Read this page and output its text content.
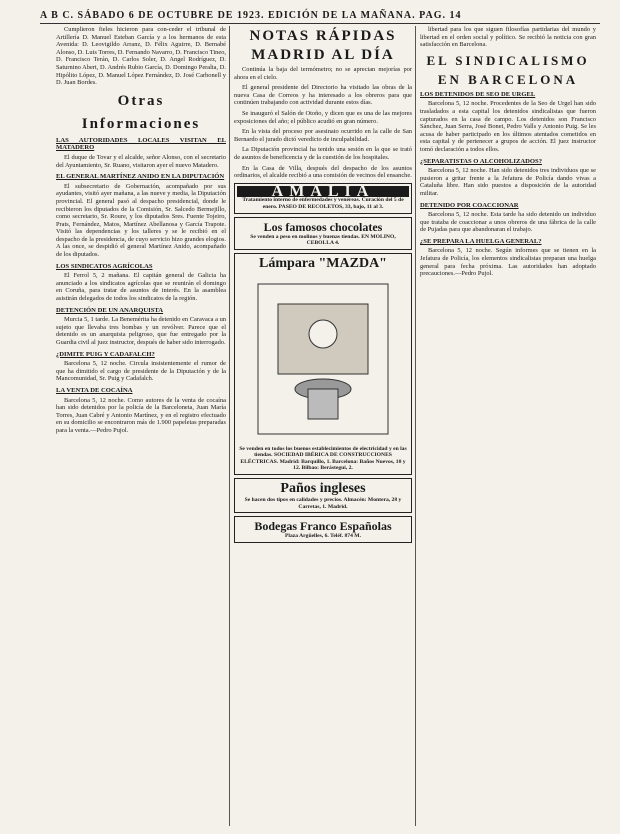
A B C. SÁBADO 6 DE OCTUBRE DE 1923. EDICIÓN DE LA MAÑANA. PAG. 14

Cumplieron fieles hicieron para con-ceder el tribunal de Artillería D. Manuel Esteban García y a los hermanos de esta Avenida: D. Leovigildo Arranz, D. Félix Aguirre, D. Bernabé Alonso, D. Luis Torres, D. Fernando Navarro, D. Francisco Tineo, D. Francisco Terán, D. Carlos Soler, D. Angel Rodríguez, D. Saturnino Abert, D. Andrés Rubio García, D. Domingo Peralta, D. Hipólito López, D. Manuel López Fernández, D. José Carbonell y D. Juan Bordes.

Otras
Informaciones
LAS AUTORIDADES LOCALES VISITAN EL MATADERO

El duque de Tovar y el alcalde, señor Alonso, con el secretario del Ayuntamiento, Sr. Ruano, visitaron ayer el nuevo Matadero.

EL GENERAL MARTÍNEZ ANIDO EN LA DIPUTACIÓN

El subsecretario de Gobernación, acompañado por sus ayudantes, visitó ayer mañana, a las nueve y media, la Diputación provincial. El general pasó al despacho presidencial, donde le recibieron los diputados de la Comisión, Sr. Salcedo Bermejillo, como secretario, Sr. Roure, y los diputados Sres. Fuente Tojeiro, Prats, Fernández, Matos, Martínez Abellanosa y García Trapote. Visitó las dependencias y los talleres y se le recibió en el despacho de la presidencia, de cuyo servicio hizo grandes elogios. A las once, se despidió el general Martínez Anido, acompañado de los diputados.

LOS SINDICATOS AGRÍCOLAS

El Ferrol 5, 2 mañana. El capitán general de Galicia ha anunciado a los sindicatos agrícolas que se reunirán el domingo en Coruña, para tratar de asuntos de interés. En la asamblea asistirán delegados de todos los sindicatos de la región.

DETENCIÓN DE UN ANARQUISTA

Murcia 5, 1 tarde. La Benemérita ha detenido en Caravaca a un sujeto que llevaba tres bombas y un revólver. Parece que el detenido es un anarquista peligroso, que fue entregado por la Guardia civil al juez instructor, después de haber sido interrogado.

¿DIMITE PUIG Y CADAFALCH?

Barcelona 5, 12 noche. Circula insistentemente el rumor de que ha dimitido el cargo de presidente de la Diputación y de la Mancomunidad, Sr. Puig y Cadafalch.

LA VENTA DE COCAÍNA

Barcelona 5, 12 noche. Como autores de la venta de cocaína han sido detenidos por la policía de la Barceloneta, Juan María Torres, Juan Cabré y Antonio Martínez, y en el registro efectuado en su domicilio se encontraron más de 1.900 papeletas preparadas para la venta.—Pedro Pujol.

NOTAS RÁPIDAS
MADRID AL DÍA

Continúa la baja del termómetro; no se aprecian mejorías por ahora en el cielo.

El general presidente del Directorio ha visitado las obras de la nueva Casa de Correos y ha interesado a los obreros para que continúen trabajando con actividad durante estos días.

Se inauguró el Salón de Otoño, y dicen que es una de las mejores exposiciones del año; el público acudió en gran número.

En la vista del proceso por asesinato ocurrido en la calle de San Bernardo el jurado dictó veredicto de inculpabilidad.

La Diputación provincial ha tenido una sesión en la que se trató de asuntos de beneficencia y de la cuestión de los hospitales.

En la Casa de Villa, después del despacho de los asuntos ordinarios, el alcalde recibió a una comisión de vecinos del ensanche.

AMALIA
Tratamiento interno de enfermedades y venéreas. Curación del 5 de enero. PASEO DE RECOLETOS, 33, bajo, 11 al 3.
Los famosos chocolates
Se venden a peso en molinos y buenas tiendas. EN MOLINO, CEBOLLA 4.
Lámpara "MAZDA"
Se venden en todos los buenos establecimientos de electricidad y en las tiendas. SOCIEDAD IBÉRICA DE CONSTRUCCIONES ELÉCTRICAS. Madrid: Barquillo, 1. Barcelona: Baños Nuevos, 10 y 12. Bilbao: Berástegui, 2.
Paños ingleses
Se hacen dos tipos en calidades y precios. Almacén: Montera, 28 y Carretas, 1. Madrid.
Bodegas Franco Españolas
Plaza Argüelles, 6. Teléf. 874 M.

libertad para los que siguen filosofías partidarias del mundo y libertad en el orden social y político. Se recibió la noticia con gran satisfacción en Barcelona.

EL SINDICALISMO
EN BARCELONA
LOS DETENIDOS DE SEO DE URGEL

Barcelona 5, 12 noche. Procedentes de la Seo de Urgel han sido trasladados a esta capital los detenidos sindicalistas que fueron capturados en la casa de campo. Los detenidos son Francisco Sánchez, Juan Serra, José Bonet, Pedro Valls y Antonio Puig. Se les acusa de haber participado en los últimos atentados cometidos en esta capital y de pertenecer a grupos de acción. El juez instructor tomó declaración a todos ellos.

¿SEPARATISTAS O ALCOHOLIZADOS?

Barcelona 5, 12 noche. Han sido detenidos tres individuos que se pusieron a gritar frente a la Jefatura de Policía dando vivas a Cataluña libre. Han sido puestos a disposición de la autoridad militar.

DETENIDO POR COACCIONAR

Barcelona 5, 12 noche. Esta tarde ha sido detenido un individuo que trataba de coaccionar a unos obreros de una fábrica de la calle de Pujadas para que abandonaran el trabajo.

¿SE PREPARA LA HUELGA GENERAL?

Barcelona 5, 12 noche. Según informes que se tienen en la Jefatura de Policía, los elementos sindicalistas preparan una huelga general para fecha próxima. Las autoridades han adoptado precauciones.—Pedro Pujol.
